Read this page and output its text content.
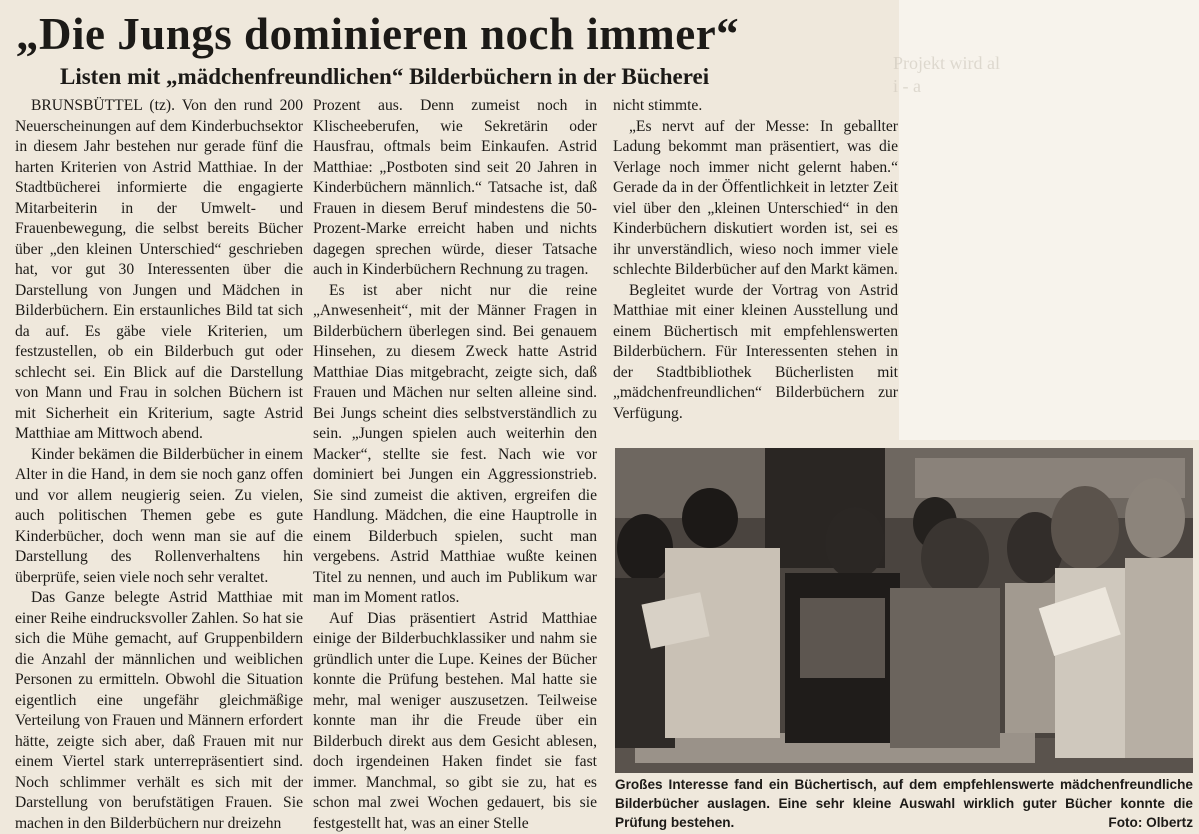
Projekt wird al
i - a
„Die Jungs dominieren noch immer“
Listen mit „mädchenfreundlichen“ Bilderbüchern in der Bücherei

BRUNSBÜTTEL (tz). Von den rund 200 Neuerscheinungen auf dem Kinderbuchsektor in diesem Jahr bestehen nur gerade fünf die harten Kriterien von Astrid Matthiae. In der Stadtbücherei informierte die engagierte Mitarbeiterin in der Umwelt- und Frauenbewegung, die selbst bereits Bücher über „den kleinen Unterschied“ geschrieben hat, vor gut 30 Interessenten über die Darstellung von Jungen und Mädchen in Bilderbüchern. Ein erstaunliches Bild tat sich da auf. Es gäbe viele Kriterien, um festzustellen, ob ein Bilderbuch gut oder schlecht sei. Ein Blick auf die Darstellung von Mann und Frau in solchen Büchern ist mit Sicherheit ein Kriterium, sagte Astrid Matthiae am Mittwoch abend.

Kinder bekämen die Bilderbücher in einem Alter in die Hand, in dem sie noch ganz offen und vor allem neugierig seien. Zu vielen, auch politischen Themen gebe es gute Kinderbücher, doch wenn man sie auf die Darstellung des Rollenverhaltens hin überprüfe, seien viele noch sehr veraltet.

Das Ganze belegte Astrid Matthiae mit einer Reihe eindrucksvoller Zahlen. So hat sie sich die Mühe gemacht, auf Gruppenbildern die Anzahl der männlichen und weiblichen Personen zu ermitteln. Obwohl die Situation eigentlich eine ungefähr gleichmäßige Verteilung von Frauen und Männern erfordert hätte, zeigte sich aber, daß Frauen mit nur einem Viertel stark unterrepräsentiert sind. Noch schlimmer verhält es sich mit der Darstellung von berufstätigen Frauen. Sie machen in den Bilderbüchern nur dreizehn

Prozent aus. Denn zumeist noch in Klischeeberufen, wie Sekretärin oder Hausfrau, oftmals beim Einkaufen. Astrid Matthiae: „Postboten sind seit 20 Jahren in Kinderbüchern männlich.“ Tatsache ist, daß Frauen in diesem Beruf mindestens die 50-Prozent-Marke erreicht haben und nichts dagegen sprechen würde, dieser Tatsache auch in Kinderbüchern Rechnung zu tragen.

Es ist aber nicht nur die reine „Anwesenheit“, mit der Männer Fragen in Bilderbüchern überlegen sind. Bei genauem Hinsehen, zu diesem Zweck hatte Astrid Matthiae Dias mitgebracht, zeigte sich, daß Frauen und Mächen nur selten alleine sind. Bei Jungs scheint dies selbstverständlich zu sein. „Jungen spielen auch weiterhin den Macker“, stellte sie fest. Nach wie vor dominiert bei Jungen ein Aggressionstrieb. Sie sind zumeist die aktiven, ergreifen die Handlung. Mädchen, die eine Hauptrolle in einem Bilderbuch spielen, sucht man vergebens. Astrid Matthiae wußte keinen Titel zu nennen, und auch im Publikum war man im Moment ratlos.

Auf Dias präsentiert Astrid Matthiae einige der Bilderbuchklassiker und nahm sie gründlich unter die Lupe. Keines der Bücher konnte die Prüfung bestehen. Mal hatte sie mehr, mal weniger auszusetzen. Teilweise konnte man ihr die Freude über ein Bilderbuch direkt aus dem Gesicht ablesen, doch irgendeinen Haken findet sie fast immer. Manchmal, so gibt sie zu, hat es schon mal zwei Wochen gedauert, bis sie festgestellt hat, was an einer Stelle

nicht stimmte.

„Es nervt auf der Messe: In geballter Ladung bekommt man präsentiert, was die Verlage noch immer nicht gelernt haben.“ Gerade da in der Öffentlichkeit in letzter Zeit viel über den „kleinen Unterschied“ in den Kinderbüchern diskutiert worden ist, sei es ihr unverständlich, wieso noch immer viele schlechte Bilderbücher auf den Markt kämen.

Begleitet wurde der Vortrag von Astrid Matthiae mit einer kleinen Ausstellung und einem Büchertisch mit empfehlenswerten Bilderbüchern. Für Interessenten stehen in der Stadtbibliothek Bücherlisten mit „mädchenfreundlichen“ Bilderbüchern zur Verfügung.

Großes Interesse fand ein Büchertisch, auf dem empfehlenswerte mädchenfreundliche Bilderbücher auslagen. Eine sehr kleine Auswahl wirklich guter Bücher konnte die Prüfung bestehen.	Foto: Olbertz
